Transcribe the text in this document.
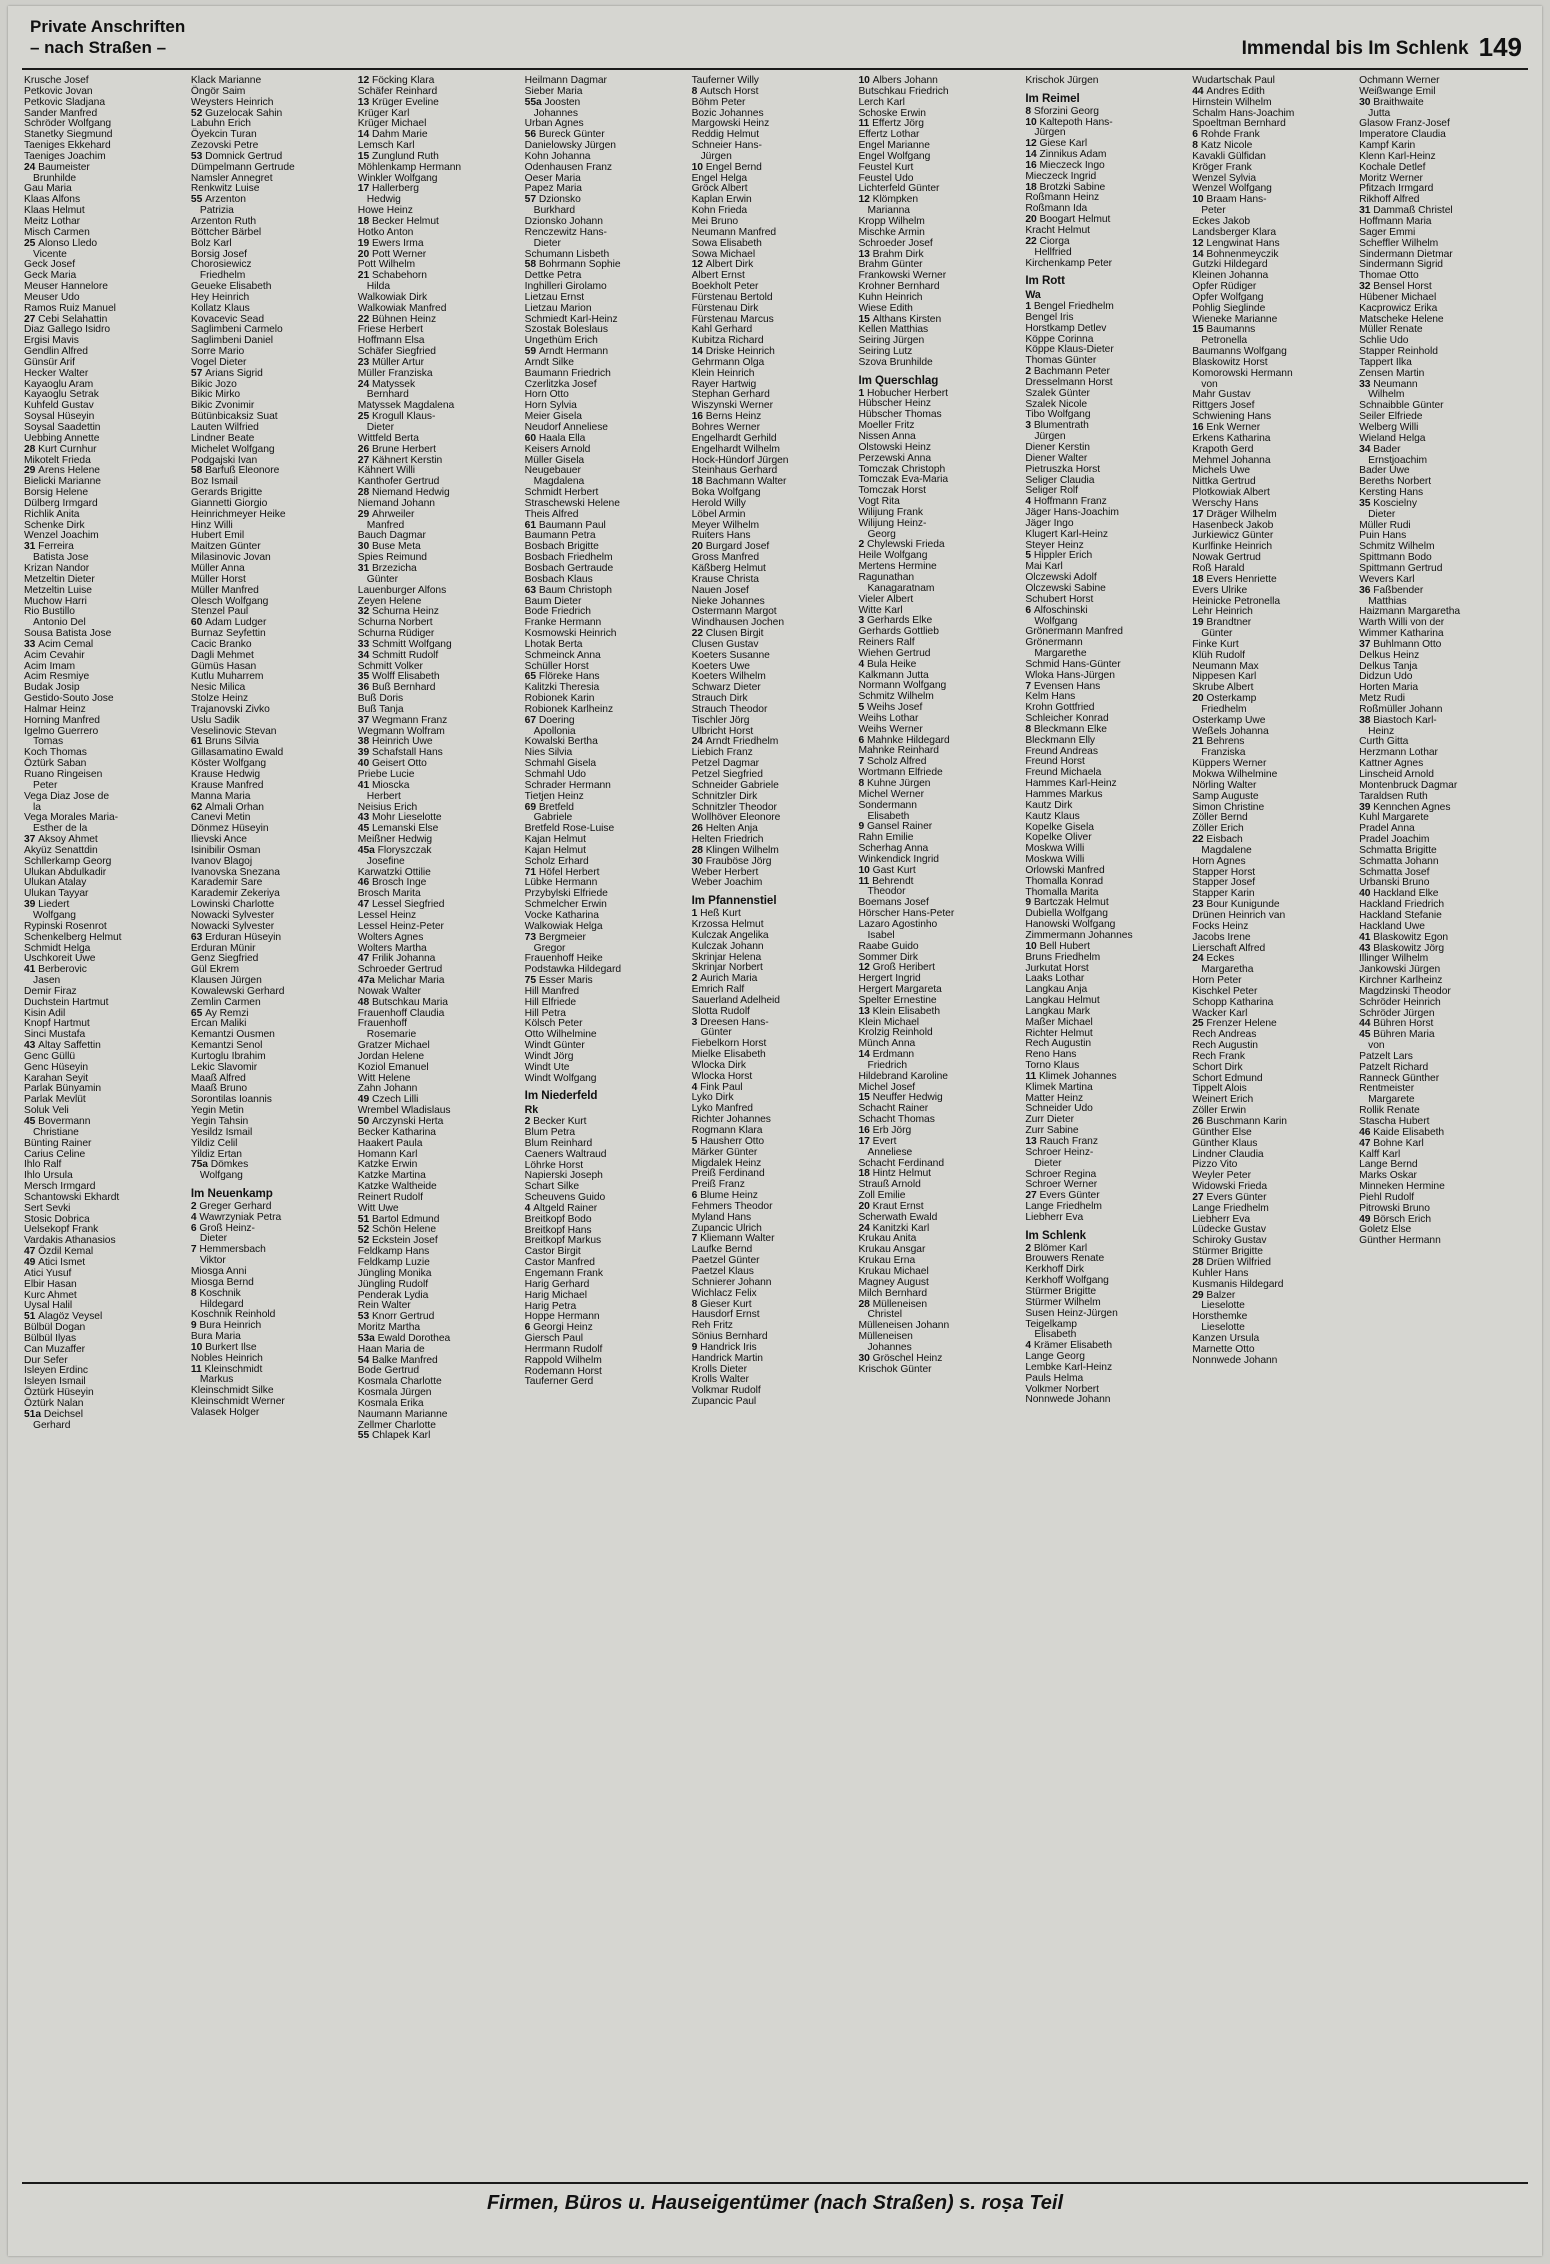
Private Anschriften
– nach Straßen –	Immendal bis Im Schlenk 149
Krusche Josef
Petkovic Jovan
Petkovic Sladjana
Sander Manfred
Schröder Wolfgang
Stanetky Siegmund
Taeniges Ekkehard
Taeniges Joachim
24 Baumeister
Brunhilde
Gau Maria
Klaas Alfons
Klaas Helmut
Meitz Lothar
Misch Carmen
25 Alonso Lledo
Vicente
Geck Josef
Geck Maria
Meuser Hannelore
Meuser Udo
Ramos Ruiz Manuel
27 Cebi Selahattin
Diaz Gallego Isidro
Ergisi Mavis
Gendlin Alfred
Günsür Arif
Hecker Walter
Kayaoglu Aram
Kayaoglu Setrak
Kuhfeld Gustav
Soysal Hüseyin
Soysal Saadettin
Uebbing Annette
28 Kurt Curnhur
Mikotelt Frieda
29 Arens Helene
Bielicki Marianne
Borsig Helene
Dülberg Irmgard
Richlik Anita
Schenke Dirk
Wenzel Joachim
31 Ferreira
Batista Jose
Krizan Nandor
Metzeltin Dieter
Metzeltin Luise
Muchow Harri
Rio Bustillo
Antonio Del
Sousa Batista Jose
33 Acim Cemal
Acim Cevahir
Acim Imam
Acim Resmiye
Budak Josip
Gestido-Souto Jose
Halmar Heinz
Horning Manfred
Igelmo Guerrero
Tomas
Koch Thomas
Öztürk Saban
Ruano Ringeisen
Peter
Vega Diaz Jose de
la
Vega Morales Maria-
Esther de la
37 Aksoy Ahmet
Akyüz Senattdin
Schllerkamp Georg
Ulukan Abdulkadir
Ulukan Atalay
Ulukan Tayyar
39 Liedert
Wolfgang
Rypinski Rosenrot
Schenkelberg Helmut
Schmidt Helga
Uschkoreit Uwe
41 Berberovic
Jasen
Demir Firaz
Duchstein Hartmut
Kisin Adil
Knopf Hartmut
Sinci Mustafa
43 Altay Saffettin
Genc Güllü
Genc Hüseyin
Karahan Seyit
Parlak Bünyamin
Parlak Mevlüt
Soluk Veli
45 Bovermann
Christiane
Bünting Rainer
Carius Celine
Ihlo Ralf
Ihlo Ursula
Mersch Irmgard
Schantowski Ekhardt
Sert Sevki
Stosic Dobrica
Uelsekopf Frank
Vardakis Athanasios
47 Özdil Kemal
49 Atici Ismet
Atici Yusuf
Elbir Hasan
Kurc Ahmet
Uysal Halil
51 Alagöz Veysel
Bülbül Dogan
Bülbül Ilyas
Can Muzaffer
Dur Sefer
Isleyen Erdinc
Isleyen Ismail
Öztürk Hüseyin
Öztürk Nalan
51a Deichsel
Gerhard
Klack Marianne
Öngör Saim
Weysters Heinrich
52 Guzelocak Sahin
Labuhn Erich
Öyekcin Turan
Zezovski Petre
53 Domnick Gertrud
Dümpelmann Gertrude
Namsler Annegret
Renkwitz Luise
55 Arzenton
Patrizia
Arzenton Ruth
Böttcher Bärbel
Bolz Karl
Borsig Josef
Chorosiewicz
Friedhelm
Geueke Elisabeth
Hey Heinrich
Kollatz Klaus
Kovacevic Sead
Saglimbeni Carmelo
Saglimbeni Daniel
Sorre Mario
Vogel Dieter
57 Arians Sigrid
Bikic Jozo
Bikic Mirko
Bikic Zvonimir
Bütünbicaksiz Suat
Lauten Wilfried
Lindner Beate
Michelet Wolfgang
Podgajski Ivan
58 Barfuß Eleonore
Boz Ismail
Gerards Brigitte
Giannetti Giorgio
Heinrichmeyer Heike
Hinz Willi
Hubert Emil
Maitzen Günter
Milasinovic Jovan
Müller Anna
Müller Horst
Müller Manfred
Olesch Wolfgang
Stenzel Paul
60 Adam Ludger
Burnaz Seyfettin
Cacic Branko
Dagli Mehmet
Gümüs Hasan
Kutlu Muharrem
Nesic Milica
Stolze Heinz
Trajanovski Zivko
Uslu Sadik
Veselinovic Stevan
61 Bruns Silvia
Gillasamatino Ewald
Köster Wolfgang
Krause Hedwig
Krause Manfred
Manna Maria
62 Almali Orhan
Canevi Metin
Dönmez Hüseyin
Ilievski Ance
Isinibilir Osman
Ivanov Blagoj
Ivanovska Snezana
Karademir Sare
Karademir Zekeriya
Lowinski Charlotte
Nowacki Sylvester
Nowacki Sylvester
63 Erduran Hüseyin
Erduran Münir
Genz Siegfried
Gül Ekrem
Klausen Jürgen
Kowalewski Gerhard
Zemlin Carmen
65 Ay Remzi
Ercan Maliki
Kemantzi Ousmen
Kemantzi Senol
Kurtoglu Ibrahim
Lekic Slavomir
Maaß Alfred
Maaß Bruno
Sorontilas Ioannis
Yegin Metin
Yegin Tahsin
Yesildz Ismail
Yildiz Celil
Yildiz Ertan
75a Dömkes
Wolfgang
Im Neuenkamp
2 Greger Gerhard
4 Wawrzyniak Petra
6 Groß Heinz-
Dieter
7 Hemmersbach
Viktor
Miosga Anni
Miosga Bernd
8 Koschnik
Hildegard
Koschnik Reinhold
9 Bura Heinrich
Bura Maria
10 Burkert Ilse
Nobles Heinrich
11 Kleinschmidt
Markus
Kleinschmidt Silke
Kleinschmidt Werner
Valasek Holger
12 Föcking Klara
Schäfer Reinhard
13 Krüger Eveline
Krüger Karl
Krüger Michael
14 Dahm Marie
Lemsch Karl
15 Zunglund Ruth
Möhlenkamp Hermann
Winkler Wolfgang
17 Hallerberg
Hedwig
Howe Heinz
18 Becker Helmut
Hotko Anton
19 Ewers Irma
20 Pott Werner
Pott Wilhelm
21 Schabehorn
Hilda
Walkowiak Dirk
Walkowiak Manfred
22 Bühnen Heinz
Friese Herbert
Hoffmann Elsa
Schäfer Siegfried
23 Müller Artur
Müller Franziska
24 Matyssek
Bernhard
Matyssek Magdalena
25 Krogull Klaus-
Dieter
Wittfeld Berta
26 Brune Herbert
27 Kähnert Kerstin
Kähnert Willi
Kanthofer Gertrud
28 Niemand Hedwig
Niemand Johann
29 Ahrweiler
Manfred
Bauch Dagmar
30 Buse Meta
Spies Reimund
31 Brzezicha
Günter
Lauenburger Alfons
Zeyen Helene
32 Schurna Heinz
Schurna Norbert
Schurna Rüdiger
33 Schmitt Wolfgang
34 Schmitt Rudolf
Schmitt Volker
35 Wolff Elisabeth
36 Buß Bernhard
Buß Doris
Buß Tanja
37 Wegmann Franz
Wegmann Wolfram
38 Heinrich Uwe
39 Schafstall Hans
40 Geisert Otto
Priebe Lucie
41 Mioscka
Herbert
Neisius Erich
43 Mohr Lieselotte
45 Lemanski Else
Meißner Hedwig
45a Floryszczak
Josefine
Karwatzki Ottilie
46 Brosch Inge
Brosch Marita
47 Lessel Siegfried
Lessel Heinz
Lessel Heinz-Peter
Wolters Agnes
Wolters Martha
47 Frilik Johanna
Schroeder Gertrud
47a Melichar Maria
Nowak Walter
48 Butschkau Maria
Frauenhoff Claudia
Frauenhoff
Rosemarie
Gratzer Michael
Jordan Helene
Koziol Emanuel
Witt Helene
Zahn Johann
49 Czech Lilli
Wrembel Wladislaus
50 Arczynski Herta
Becker Katharina
Haakert Paula
Homann Karl
Katzke Erwin
Katzke Martina
Katzke Waltheide
Reinert Rudolf
Witt Uwe
51 Bartol Edmund
52 Schön Helene
52 Eckstein Josef
Feldkamp Hans
Feldkamp Luzie
Jüngling Monika
Jüngling Rudolf
Penderak Lydia
Rein Walter
53 Knorr Gertrud
Moritz Martha
53a Ewald Dorothea
Haan Maria de
54 Balke Manfred
Bode Gertrud
Kosmala Charlotte
Kosmala Jürgen
Kosmala Erika
Naumann Marianne
Zellmer Charlotte
55 Chlapek Karl
Heilmann Dagmar
Sieber Maria
55a Joosten
Johannes
Urban Agnes
56 Bureck Günter
Danielowsky Jürgen
Kohn Johanna
Odenhausen Franz
Oeser Maria
Papez Maria
57 Dzionsko
Burkhard
Dzionsko Johann
Renczewitz Hans-
Dieter
Schumann Lisbeth
58 Bohrmann Sophie
Dettke Petra
Inghilleri Girolamo
Lietzau Ernst
Lietzau Marion
Schmiedt Karl-Heinz
Szostak Boleslaus
Ungethüm Erich
59 Arndt Hermann
Arndt Silke
Baumann Friedrich
Czerlitzka Josef
Horn Otto
Horn Sylvia
Meier Gisela
Neudorf Anneliese
60 Haala Ella
Keisers Arnold
Müller Gisela
Neugebauer
Magdalena
Schmidt Herbert
Straschewski Helene
Theis Alfred
61 Baumann Paul
Baumann Petra
Bosbach Brigitte
Bosbach Friedhelm
Bosbach Gertraude
Bosbach Klaus
63 Baum Christoph
Baum Dieter
Bode Friedrich
Franke Hermann
Kosmowski Heinrich
Lhotak Berta
Schmeinck Anna
Schüller Horst
65 Flöreke Hans
Kalitzki Theresia
Robionek Karin
Robionek Karlheinz
67 Doering
Apollonia
Kowalski Bertha
Nies Silvia
Schmahl Gisela
Schmahl Udo
Schrader Hermann
Tietjen Heinz
69 Bretfeld
Gabriele
Bretfeld Rose-Luise
Kajan Helmut
Kajan Helmut
Scholz Erhard
71 Höfel Herbert
Lübke Hermann
Przybylski Elfriede
Schmelcher Erwin
Vocke Katharina
Walkowiak Helga
73 Bergmeier
Gregor
Frauenhoff Heike
Podstawka Hildegard
75 Esser Maris
Hill Manfred
Hill Elfriede
Hill Petra
Kölsch Peter
Otto Wilhelmine
Windt Günter
Windt Jörg
Windt Ute
Windt Wolfgang
Im Niederfeld
Rk
2 Becker Kurt
Blum Petra
Blum Reinhard
Caeners Waltraud
Löhrke Horst
Napierski Joseph
Schart Silke
Scheuvens Guido
4 Altgeld Rainer
Breitkopf Bodo
Breitkopf Hans
Breitkopf Markus
Castor Birgit
Castor Manfred
Engemann Frank
Harig Gerhard
Harig Michael
Harig Petra
Hoppe Hermann
6 Georgi Heinz
Giersch Paul
Herrmann Rudolf
Rappold Wilhelm
Rodemann Horst
Tauferner Gerd
Tauferner Willy
8 Autsch Horst
Böhm Peter
Bozic Johannes
Margowski Heinz
Reddig Helmut
Schneier Hans-
Jürgen
10 Engel Bernd
Engel Helga
Gröck Albert
Kaplan Erwin
Kohn Frieda
Mei Bruno
Neumann Manfred
Sowa Elisabeth
Sowa Michael
12 Albert Dirk
Albert Ernst
Boekholt Peter
Fürstenau Bertold
Fürstenau Dirk
Fürstenau Marcus
Kahl Gerhard
Kubitza Richard
14 Driske Heinrich
Gehrmann Olga
Klein Heinrich
Rayer Hartwig
Stephan Gerhard
Wiszynski Werner
16 Berns Heinz
Bohres Werner
Engelhardt Gerhild
Engelhardt Wilhelm
Hock-Hündorf Jürgen
Steinhaus Gerhard
18 Bachmann Walter
Boka Wolfgang
Herold Willy
Löbel Armin
Meyer Wilhelm
Ruiters Hans
20 Burgard Josef
Gross Manfred
Käßberg Helmut
Krause Christa
Nauen Josef
Nieke Johannes
Ostermann Margot
Windhausen Jochen
22 Clusen Birgit
Clusen Gustav
Koeters Susanne
Koeters Uwe
Koeters Wilhelm
Schwarz Dieter
Strauch Dirk
Strauch Theodor
Tischler Jörg
Ulbricht Horst
24 Arndt Friedhelm
Liebich Franz
Petzel Dagmar
Petzel Siegfried
Schneider Gabriele
Schnitzler Dirk
Schnitzler Theodor
Wollhöver Eleonore
26 Helten Anja
Helten Friedrich
28 Klingen Wilhelm
30 Frauböse Jörg
Weber Herbert
Weber Joachim
Im Pfannenstiel
1 Heß Kurt
Krzossa Helmut
Kulczak Angelika
Kulczak Johann
Skrinjar Helena
Skrinjar Norbert
2 Aurich Maria
Emrich Ralf
Sauerland Adelheid
Slotta Rudolf
3 Dreesen Hans-
Günter
Fiebelkorn Horst
Mielke Elisabeth
Wlocka Dirk
Wlocka Horst
4 Fink Paul
Lyko Dirk
Lyko Manfred
Richter Johannes
Rogmann Klara
5 Hausherr Otto
Märker Günter
Migdalek Heinz
Preiß Ferdinand
Preiß Franz
6 Blume Heinz
Fehmers Theodor
Myland Hans
Zupancic Ulrich
7 Kliemann Walter
Laufke Bernd
Paetzel Günter
Paetzel Klaus
Schnierer Johann
Wichlacz Felix
8 Gieser Kurt
Hausdorf Ernst
Reh Fritz
Sönius Bernhard
9 Handrick Iris
Handrick Martin
Krolls Dieter
Krolls Walter
Volkmar Rudolf
Zupancic Paul
10 Albers Johann
Butschkau Friedrich
Lerch Karl
Schoske Erwin
11 Effertz Jörg
Effertz Lothar
Engel Marianne
Engel Wolfgang
Feustel Kurt
Feustel Udo
Lichterfeld Günter
12 Klömpken
Marianna
Kropp Wilhelm
Mischke Armin
Schroeder Josef
13 Brahm Dirk
Brahm Günter
Frankowski Werner
Krohner Bernhard
Kuhn Heinrich
Wiese Edith
15 Althans Kirsten
Kellen Matthias
Seiring Jürgen
Seiring Lutz
Szova Brunhilde
Im Querschlag
1 Hobucher Herbert
Hübscher Heinz
Hübscher Thomas
Moeller Fritz
Nissen Anna
Olstowski Heinz
Perzewski Anna
Tomczak Christoph
Tomczak Eva-Maria
Tomczak Horst
Vogt Rita
Wilijung Frank
Wilijung Heinz-
Georg
2 Chylewski Frieda
Heile Wolfgang
Mertens Hermine
Ragunathan
Kanagaratnam
Vieler Albert
Witte Karl
3 Gerhards Elke
Gerhards Gottlieb
Reiners Ralf
Wiehen Gertrud
4 Bula Heike
Kalkmann Jutta
Normann Wolfgang
Schmitz Wilhelm
5 Weihs Josef
Weihs Lothar
Weihs Werner
6 Mahnke Hildegard
Mahnke Reinhard
7 Scholz Alfred
Wortmann Elfriede
8 Kuhne Jürgen
Michel Werner
Sondermann
Elisabeth
9 Gansel Rainer
Rahn Emilie
Scherhag Anna
Winkendick Ingrid
10 Gast Kurt
11 Behrendt
Theodor
Boemans Josef
Hörscher Hans-Peter
Lazaro Agostinho
Isabel
Raabe Guido
Sommer Dirk
12 Groß Heribert
Hergert Ingrid
Hergert Margareta
Spelter Ernestine
13 Klein Elisabeth
Klein Michael
Krolzig Reinhold
Münch Anna
14 Erdmann
Friedrich
Hildebrand Karoline
Michel Josef
15 Neuffer Hedwig
Schacht Rainer
Schacht Thomas
16 Erb Jörg
17 Evert
Anneliese
Schacht Ferdinand
18 Hintz Helmut
Strauß Arnold
Zoll Emilie
20 Kraut Ernst
Scherwath Ewald
24 Kanitzki Karl
Krukau Anita
Krukau Ansgar
Krukau Erna
Krukau Michael
Magney August
Milch Bernhard
28 Mülleneisen
Christel
Mülleneisen Johann
Mülleneisen
Johannes
30 Gröschel Heinz
Krischok Günter
Krischok Jürgen
Im Reimel
8 Sforzini Georg
10 Kaltepoth Hans-
Jürgen
12 Giese Karl
14 Zinnikus Adam
16 Mieczeck Ingo
Mieczeck Ingrid
18 Brotzki Sabine
Roßmann Heinz
Roßmann Ida
20 Boogart Helmut
Kracht Helmut
22 Ciorga
Hellfried
Kirchenkamp Peter
Im Rott
Wa
1 Bengel Friedhelm
Bengel Iris
Horstkamp Detlev
Köppe Corinna
Köppe Klaus-Dieter
Thomas Günter
2 Bachmann Peter
Dresselmann Horst
Szalek Günter
Szalek Nicole
Tibo Wolfgang
3 Blumentrath
Jürgen
Diener Kerstin
Diener Walter
Pietruszka Horst
Seliger Claudia
Seliger Rolf
4 Hoffmann Franz
Jäger Hans-Joachim
Jäger Ingo
Klugert Karl-Heinz
Steyer Heinz
5 Hippler Erich
Mai Karl
Olczewski Adolf
Olczewski Sabine
Schubert Horst
6 Alfoschinski
Wolfgang
Grönermann Manfred
Grönermann
Margarethe
Schmid Hans-Günter
Wloka Hans-Jürgen
7 Evensen Hans
Kelm Hans
Krohn Gottfried
Schleicher Konrad
8 Bleckmann Elke
Bleckmann Elly
Freund Andreas
Freund Horst
Freund Michaela
Hammes Karl-Heinz
Hammes Markus
Kautz Dirk
Kautz Klaus
Kopelke Gisela
Kopelke Oliver
Moskwa Willi
Moskwa Willi
Orlowski Manfred
Thomalla Konrad
Thomalla Marita
9 Bartczak Helmut
Dubiella Wolfgang
Hanowski Wolfgang
Zimmermann Johannes
10 Bell Hubert
Bruns Friedhelm
Jurkutat Horst
Laaks Lothar
Langkau Anja
Langkau Helmut
Langkau Mark
Maßer Michael
Richter Helmut
Rech Augustin
Reno Hans
Torno Klaus
11 Klimek Johannes
Klimek Martina
Matter Heinz
Schneider Udo
Zurr Dieter
Zurr Sabine
13 Rauch Franz
Schroer Heinz-
Dieter
Schroer Regina
Schroer Werner
27 Evers Günter
Lange Friedhelm
Liebherr Eva
Im Schlenk
2 Blömer Karl
Brouwers Renate
Kerkhoff Dirk
Kerkhoff Wolfgang
Stürmer Brigitte
Stürmer Wilhelm
Susen Heinz-Jürgen
Teigelkamp
Elisabeth
4 Krämer Elisabeth
Lange Georg
Lembke Karl-Heinz
Pauls Helma
Volkmer Norbert
Nonnwede Johann
Wudartschak Paul
44 Andres Edith
Hirnstein Wilhelm
Schalm Hans-Joachim
Spoeltman Bernhard
6 Rohde Frank
8 Katz Nicole
Kavakli Gülfidan
Kröger Frank
Wenzel Sylvia
Wenzel Wolfgang
10 Braam Hans-
Peter
Eckes Jakob
Landsberger Klara
12 Lengwinat Hans
14 Bohnenmeyczik
Gutzki Hildegard
Kleinen Johanna
Opfer Rüdiger
Opfer Wolfgang
Pohlig Sieglinde
Wieneke Marianne
15 Baumanns
Petronella
Baumanns Wolfgang
Blaskowitz Horst
Komorowski Hermann
von
Mahr Gustav
Rittgers Josef
Schwiening Hans
16 Enk Werner
Erkens Katharina
Krapoth Gerd
Mehmel Johanna
Michels Uwe
Nittka Gertrud
Plotkowiak Albert
Werschy Hans
17 Dräger Wilhelm
Hasenbeck Jakob
Jurkiewicz Günter
Kurlfinke Heinrich
Nowak Gertrud
Roß Harald
18 Evers Henriette
Evers Ulrike
Heinicke Petronella
Lehr Heinrich
19 Brandtner
Günter
Finke Kurt
Klüh Rudolf
Neumann Max
Nippesen Karl
Skrube Albert
20 Osterkamp
Friedhelm
Osterkamp Uwe
Weßels Johanna
21 Behrens
Franziska
Küppers Werner
Mokwa Wilhelmine
Nörling Walter
Samp Auguste
Simon Christine
Zöller Bernd
Zöller Erich
22 Eisbach
Magdalene
Horn Agnes
Stapper Horst
Stapper Josef
Stapper Karin
23 Bour Kunigunde
Drünen Heinrich van
Focks Heinz
Jacobs Irene
Lierschaft Alfred
24 Eckes
Margaretha
Horn Peter
Kischkel Peter
Schopp Katharina
Wacker Karl
25 Frenzer Helene
Rech Andreas
Rech Augustin
Rech Frank
Schort Dirk
Schort Edmund
Tippelt Alois
Weinert Erich
Zöller Erwin
26 Buschmann Karin
Günther Else
Günther Klaus
Lindner Claudia
Pizzo Vito
Weyler Peter
Widowski Frieda
27 Evers Günter
Lange Friedhelm
Liebherr Eva
Lüdecke Gustav
Schiroky Gustav
Stürmer Brigitte
28 Drüen Wilfried
Kuhler Hans
Kusmanis Hildegard
29 Balzer
Lieselotte
Horsthemke
Lieselotte
Kanzen Ursula
Marnette Otto
Nonnwede Johann
Ochmann Werner
Weißwange Emil
30 Braithwaite
Jutta
Glasow Franz-Josef
Imperatore Claudia
Kampf Karin
Klenn Karl-Heinz
Kochale Detlef
Moritz Werner
Pfitzach Irmgard
Rikhoff Alfred
31 Dammaß Christel
Hoffmann Maria
Sager Emmi
Scheffler Wilhelm
Sindermann Dietmar
Sindermann Sigrid
Thomae Otto
32 Bensel Horst
Hübener Michael
Kacprowicz Erika
Matscheke Helene
Müller Renate
Schlie Udo
Stapper Reinhold
Tappert Ilka
Zensen Martin
33 Neumann
Wilhelm
Schnaibble Günter
Seiler Elfriede
Welberg Willi
Wieland Helga
34 Bader
Ernstjoachim
Bader Uwe
Bereths Norbert
Kersting Hans
35 Koscielny
Dieter
Müller Rudi
Puin Hans
Schmitz Wilhelm
Spittmann Bodo
Spittmann Gertrud
Wevers Karl
36 Faßbender
Matthias
Haizmann Margaretha
Warth Willi von der
Wimmer Katharina
37 Buhlmann Otto
Delkus Heinz
Delkus Tanja
Didzun Udo
Horten Maria
Metz Rudi
Roßmüller Johann
38 Biastoch Karl-
Heinz
Curth Gitta
Herzmann Lothar
Kattner Agnes
Linscheid Arnold
Montenbruck Dagmar
Taraldsen Ruth
39 Kennchen Agnes
Kuhl Margarete
Pradel Anna
Pradel Joachim
Schmatta Brigitte
Schmatta Johann
Schmatta Josef
Urbanski Bruno
40 Hackland Elke
Hackland Friedrich
Hackland Stefanie
Hackland Uwe
41 Blaskowitz Egon
43 Blaskowitz Jörg
Illinger Wilhelm
Jankowski Jürgen
Kirchner Karlheinz
Magdzinski Theodor
Schröder Heinrich
Schröder Jürgen
44 Bühren Horst
45 Bühren Maria
von
Patzelt Lars
Patzelt Richard
Ranneck Günther
Rentmeister
Margarete
Rollik Renate
Stascha Hubert
46 Kaide Elisabeth
47 Bohne Karl
Kalff Karl
Lange Bernd
Marks Oskar
Minneken Hermine
Piehl Rudolf
Pitrowski Bruno
49 Börsch Erich
Goletz Else
Günther Hermann
Firmen, Büros u. Hauseigentümer (nach Straßen) s. roṣa Teil
